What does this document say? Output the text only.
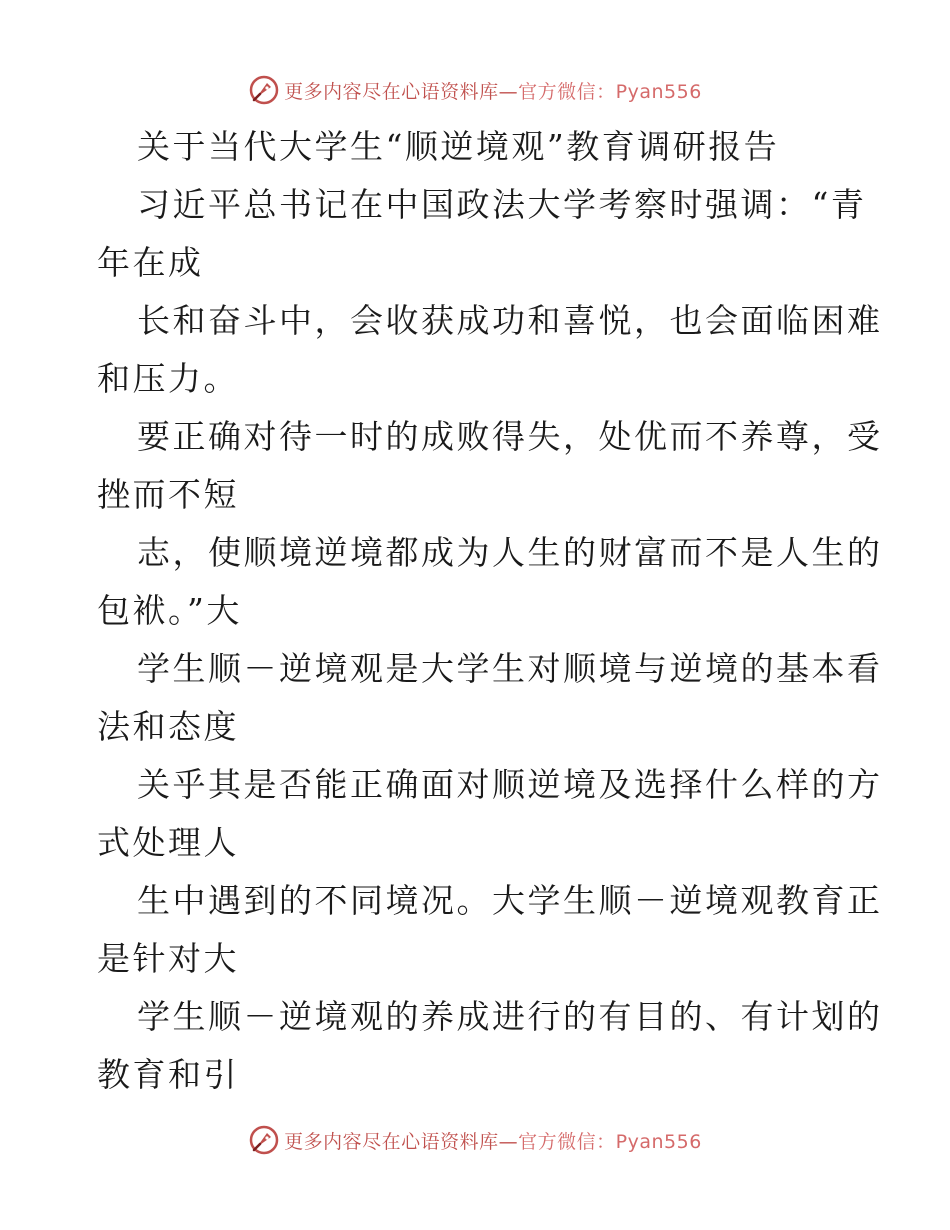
更多内容尽在心语资料库—官方微信：Pyan556
关于当代大学生“顺逆境观”教育调研报告
习近平总书记在中国政法大学考察时强调：“青
年在成
长和奋斗中，会收获成功和喜悦，也会面临困难
和压力。
要正确对待一时的成败得失，处优而不养尊，受
挫而不短
志，使顺境逆境都成为人生的财富而不是人生的
包袱。”大
学生顺－逆境观是大学生对顺境与逆境的基本看
法和态度
关乎其是否能正确面对顺逆境及选择什么样的方
式处理人
生中遇到的不同境况。大学生顺－逆境观教育正
是针对大
学生顺－逆境观的养成进行的有目的、有计划的
教育和引
更多内容尽在心语资料库—官方微信：Pyan556
